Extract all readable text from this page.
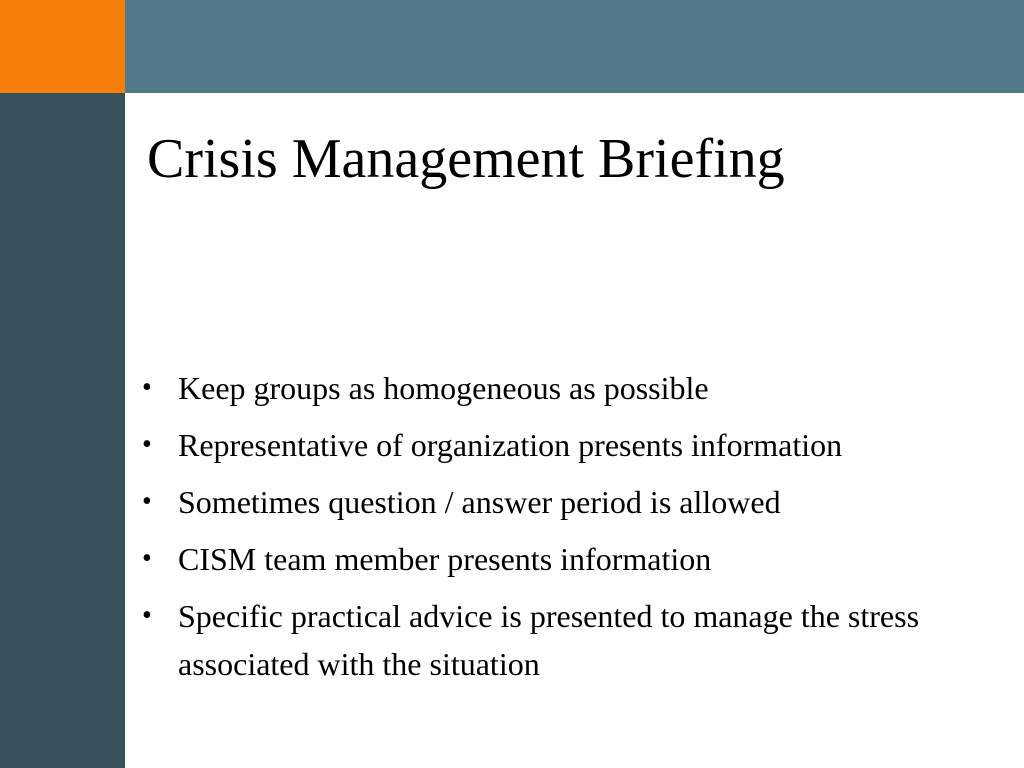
Crisis Management Briefing
• Keep groups as homogeneous as possible
• Representative of organization presents information
• Sometimes question / answer period is allowed
• CISM team member presents information
• Specific practical advice is presented to manage the stress associated with the situation
